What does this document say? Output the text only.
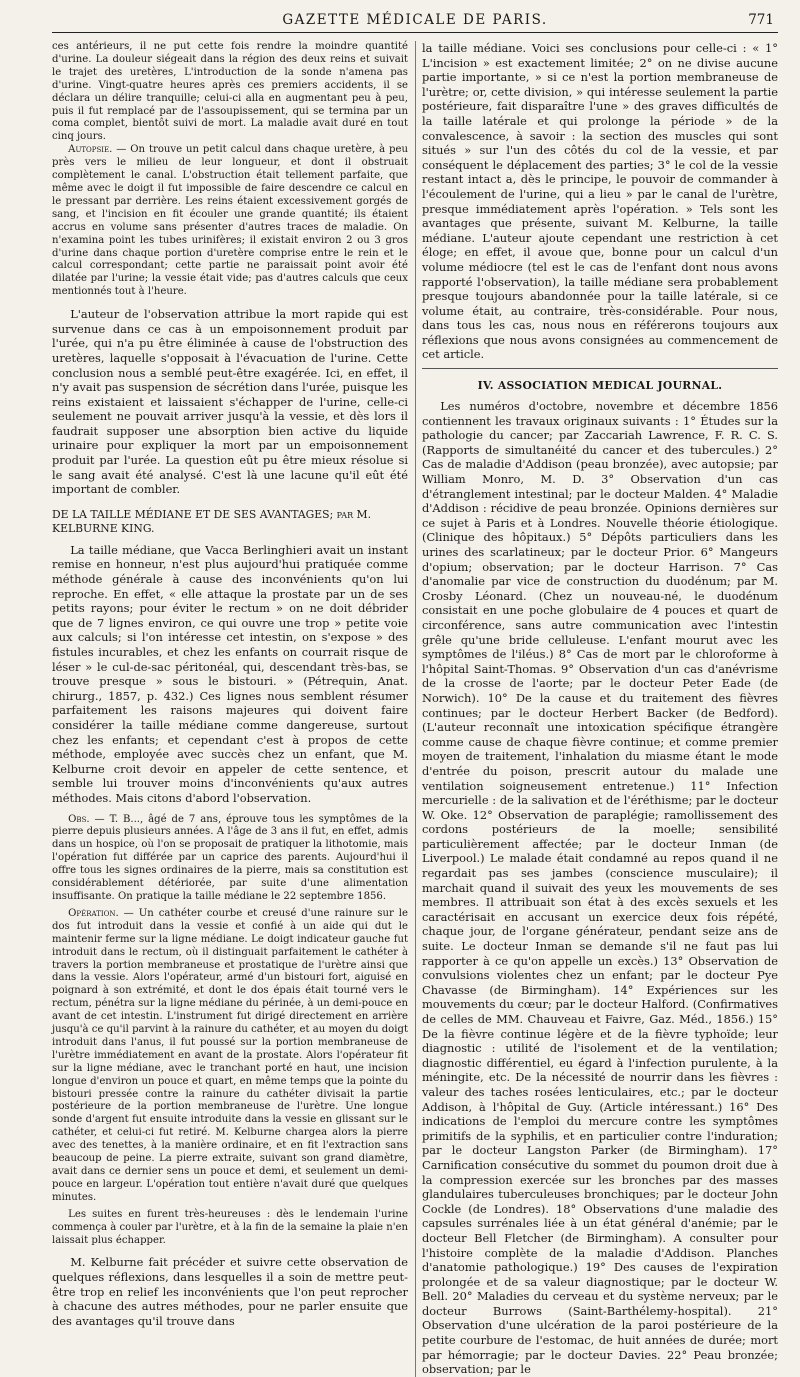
GAZETTE MÉDICALE DE PARIS.	771

ces antérieurs, il ne put cette fois rendre la moindre quantité d'urine. La douleur siégeait dans la région des deux reins et suivait le trajet des uretères, L'introduction de la sonde n'amena pas d'urine. Vingt-quatre heures après ces premiers accidents, il se déclara un délire tranquille; celui-ci alla en augmentant peu à peu, puis il fut remplacé par de l'assoupissement, qui se termina par un coma complet, bientôt suivi de mort. La maladie avait duré en tout cinq jours.

Autopsie. — On trouve un petit calcul dans chaque uretère, à peu près vers le milieu de leur longueur, et dont il obstruait complètement le canal. L'obstruction était tellement parfaite, que même avec le doigt il fut impossible de faire descendre ce calcul en le pressant par derrière. Les reins étaient excessivement gorgés de sang, et l'incision en fit écouler une grande quantité; ils étaient accrus en volume sans présenter d'autres traces de maladie. On n'examina point les tubes urinifères; il existait environ 2 ou 3 gros d'urine dans chaque portion d'uretère comprise entre le rein et le calcul correspondant; cette partie ne paraissait point avoir été dilatée par l'urine; la vessie était vide; pas d'autres calculs que ceux mentionnés tout à l'heure.

L'auteur de l'observation attribue la mort rapide qui est survenue dans ce cas à un empoisonnement produit par l'urée, qui n'a pu être éliminée à cause de l'obstruction des uretères, laquelle s'opposait à l'évacuation de l'urine. Cette conclusion nous a semblé peut-être exagérée. Ici, en effet, il n'y avait pas suspension de sécrétion dans l'urée, puisque les reins existaient et laissaient s'échapper de l'urine, celle-ci seulement ne pouvait arriver jusqu'à la vessie, et dès lors il faudrait supposer une absorption bien active du liquide urinaire pour expliquer la mort par un empoisonnement produit par l'urée. La question eût pu être mieux résolue si le sang avait été analysé. C'est là une lacune qu'il eût été important de combler.

DE LA TAILLE MÉDIANE ET DE SES AVANTAGES; par M. KELBURNE KING.

La taille médiane, que Vacca Berlinghieri avait un instant remise en honneur, n'est plus aujourd'hui pratiquée comme méthode générale à cause des inconvénients qu'on lui reproche. En effet, « elle attaque la prostate par un de ses petits rayons; pour éviter le rectum » on ne doit débrider que de 7 lignes environ, ce qui ouvre une trop » petite voie aux calculs; si l'on intéresse cet intestin, on s'expose » des fistules incurables, et chez les enfants on courrait risque de léser » le cul-de-sac péritonéal, qui, descendant très-bas, se trouve presque » sous le bistouri. » (Pétrequin, Anat. chirurg., 1857, p. 432.) Ces lignes nous semblent résumer parfaitement les raisons majeures qui doivent faire considérer la taille médiane comme dangereuse, surtout chez les enfants; et cependant c'est à propos de cette méthode, employée avec succès chez un enfant, que M. Kelburne croit devoir en appeler de cette sentence, et semble lui trouver moins d'inconvénients qu'aux autres méthodes. Mais citons d'abord l'observation.

Obs. — T. B..., âgé de 7 ans, éprouve tous les symptômes de la pierre depuis plusieurs années. A l'âge de 3 ans il fut, en effet, admis dans un hospice, où l'on se proposait de pratiquer la lithotomie, mais l'opération fut différée par un caprice des parents. Aujourd'hui il offre tous les signes ordinaires de la pierre, mais sa constitution est considérablement détériorée, par suite d'une alimentation insuffisante. On pratique la taille médiane le 22 septembre 1856.

Opération. — Un cathéter courbe et creusé d'une rainure sur le dos fut introduit dans la vessie et confié à un aide qui dut le maintenir ferme sur la ligne médiane. Le doigt indicateur gauche fut introduit dans le rectum, où il distinguait parfaitement le cathéter à travers la portion membraneuse et prostatique de l'urètre ainsi que dans la vessie. Alors l'opérateur, armé d'un bistouri fort, aiguisé en poignard à son extrémité, et dont le dos épais était tourné vers le rectum, pénétra sur la ligne médiane du périnée, à un demi-pouce en avant de cet intestin. L'instrument fut dirigé directement en arrière jusqu'à ce qu'il parvint à la rainure du cathéter, et au moyen du doigt introduit dans l'anus, il fut poussé sur la portion membraneuse de l'urètre immédiatement en avant de la prostate. Alors l'opérateur fit sur la ligne médiane, avec le tranchant porté en haut, une incision longue d'environ un pouce et quart, en même temps que la pointe du bistouri pressée contre la rainure du cathéter divisait la partie postérieure de la portion membraneuse de l'urètre. Une longue sonde d'argent fut ensuite introduite dans la vessie en glissant sur le cathéter, et celui-ci fut retiré. M. Kelburne chargea alors la pierre avec des tenettes, à la manière ordinaire, et en fit l'extraction sans beaucoup de peine. La pierre extraite, suivant son grand diamètre, avait dans ce dernier sens un pouce et demi, et seulement un demi-pouce en largeur. L'opération tout entière n'avait duré que quelques minutes.

Les suites en furent très-heureuses : dès le lendemain l'urine commença à couler par l'urètre, et à la fin de la semaine la plaie n'en laissait plus échapper.

M. Kelburne fait précéder et suivre cette observation de quelques réflexions, dans lesquelles il a soin de mettre peut-être trop en relief les inconvénients que l'on peut reprocher à chacune des autres méthodes, pour ne parler ensuite que des avantages qu'il trouve dans

la taille médiane. Voici ses conclusions pour celle-ci : « 1° L'incision » est exactement limitée; 2° on ne divise aucune partie importante, » si ce n'est la portion membraneuse de l'urètre; or, cette division, » qui intéresse seulement la partie postérieure, fait disparaître l'une » des graves difficultés de la taille latérale et qui prolonge la période » de la convalescence, à savoir : la section des muscles qui sont situés » sur l'un des côtés du col de la vessie, et par conséquent le déplacement des parties; 3° le col de la vessie restant intact a, dès le principe, le pouvoir de commander à l'écoulement de l'urine, qui a lieu » par le canal de l'urètre, presque immédiatement après l'opération. » Tels sont les avantages que présente, suivant M. Kelburne, la taille médiane. L'auteur ajoute cependant une restriction à cet éloge; en effet, il avoue que, bonne pour un calcul d'un volume médiocre (tel est le cas de l'enfant dont nous avons rapporté l'observation), la taille médiane sera probablement presque toujours abandonnée pour la taille latérale, si ce volume était, au contraire, très-considérable. Pour nous, dans tous les cas, nous nous en référerons toujours aux réflexions que nous avons consignées au commencement de cet article.

IV. ASSOCIATION MEDICAL JOURNAL.

Les numéros d'octobre, novembre et décembre 1856 contiennent les travaux originaux suivants : 1° Études sur la pathologie du cancer; par Zaccariah Lawrence, F. R. C. S. (Rapports de simultanéité du cancer et des tubercules.) 2° Cas de maladie d'Addison (peau bronzée), avec autopsie; par William Monro, M. D. 3° Observation d'un cas d'étranglement intestinal; par le docteur Malden. 4° Maladie d'Addison : récidive de peau bronzée. Opinions dernières sur ce sujet à Paris et à Londres. Nouvelle théorie étiologique. (Clinique des hôpitaux.) 5° Dépôts particuliers dans les urines des scarlatineux; par le docteur Prior. 6° Mangeurs d'opium; observation; par le docteur Harrison. 7° Cas d'anomalie par vice de construction du duodénum; par M. Crosby Léonard. (Chez un nouveau-né, le duodénum consistait en une poche globulaire de 4 pouces et quart de circonférence, sans autre communication avec l'intestin grêle qu'une bride celluleuse. L'enfant mourut avec les symptômes de l'iléus.) 8° Cas de mort par le chloroforme à l'hôpital Saint-Thomas. 9° Observation d'un cas d'anévrisme de la crosse de l'aorte; par le docteur Peter Eade (de Norwich). 10° De la cause et du traitement des fièvres continues; par le docteur Herbert Backer (de Bedford). (L'auteur reconnaît une intoxication spécifique étrangère comme cause de chaque fièvre continue; et comme premier moyen de traitement, l'inhalation du miasme étant le mode d'entrée du poison, prescrit autour du malade une ventilation soigneusement entretenue.) 11° Infection mercurielle : de la salivation et de l'éréthisme; par le docteur W. Oke. 12° Observation de paraplégie; ramollissement des cordons postérieurs de la moelle; sensibilité particulièrement affectée; par le docteur Inman (de Liverpool.) Le malade était condamné au repos quand il ne regardait pas ses jambes (conscience musculaire); il marchait quand il suivait des yeux les mouvements de ses membres. Il attribuait son état à des excès sexuels et les caractérisait en accusant un exercice deux fois répété, chaque jour, de l'organe générateur, pendant seize ans de suite. Le docteur Inman se demande s'il ne faut pas lui rapporter à ce qu'on appelle un excès.) 13° Observation de convulsions violentes chez un enfant; par le docteur Pye Chavasse (de Birmingham). 14° Expériences sur les mouvements du cœur; par le docteur Halford. (Confirmatives de celles de MM. Chauveau et Faivre, Gaz. Méd., 1856.) 15° De la fièvre continue légère et de la fièvre typhoïde; leur diagnostic : utilité de l'isolement et de la ventilation; diagnostic différentiel, eu égard à l'infection purulente, à la méningite, etc. De la nécessité de nourrir dans les fièvres : valeur des taches rosées lenticulaires, etc.; par le docteur Addison, à l'hôpital de Guy. (Article intéressant.) 16° Des indications de l'emploi du mercure contre les symptômes primitifs de la syphilis, et en particulier contre l'induration; par le docteur Langston Parker (de Birmingham). 17° Carnification consécutive du sommet du poumon droit due à la compression exercée sur les bronches par des masses glandulaires tuberculeuses bronchiques; par le docteur John Cockle (de Londres). 18° Observations d'une maladie des capsules surrénales liée à un état général d'anémie; par le docteur Bell Fletcher (de Birmingham). A consulter pour l'histoire complète de la maladie d'Addison. Planches d'anatomie pathologique.) 19° Des causes de l'expiration prolongée et de sa valeur diagnostique; par le docteur W. Bell. 20° Maladies du cerveau et du système nerveux; par le docteur Burrows (Saint-Barthélemy-hospital). 21° Observation d'une ulcération de la paroi postérieure de la petite courbure de l'estomac, de huit années de durée; mort par hémorragie; par le docteur Davies. 22° Peau bronzée; observation; par le
